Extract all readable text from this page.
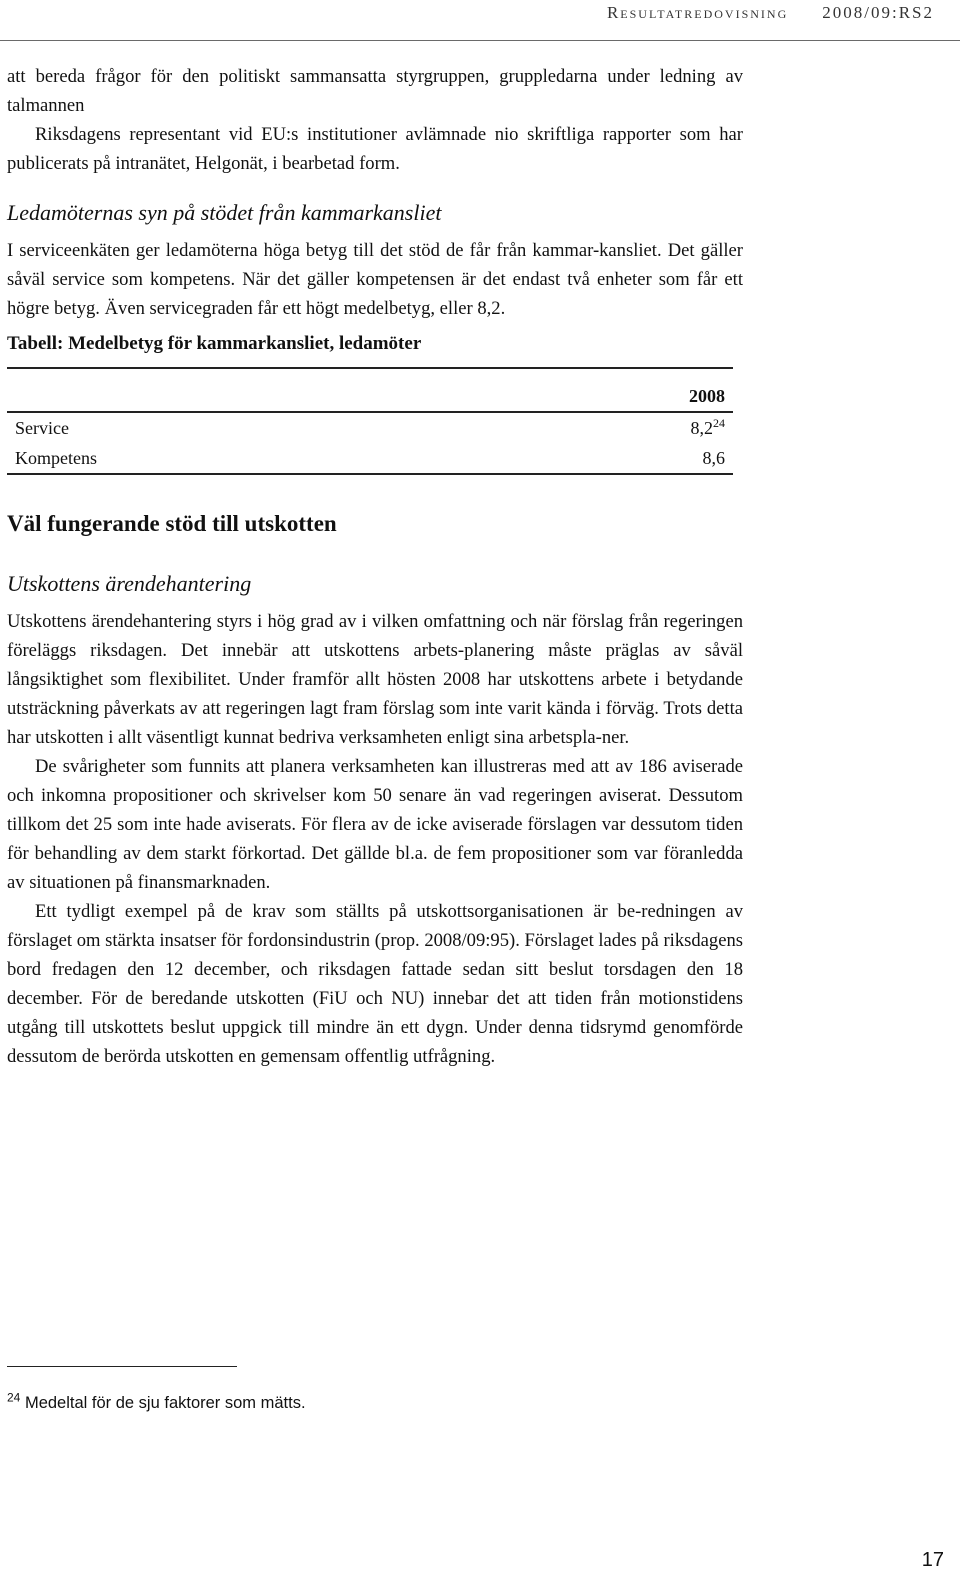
Resultatredovisning 2008/09:RS2

att bereda frågor för den politiskt sammansatta styrgruppen, gruppledarna under ledning av talmannen

Riksdagens representant vid EU:s institutioner avlämnade nio skriftliga rapporter som har publicerats på intranätet, Helgonät, i bearbetad form.

Ledamöternas syn på stödet från kammarkansliet

I serviceenkäten ger ledamöterna höga betyg till det stöd de får från kammar-kansliet. Det gäller såväl service som kompetens. När det gäller kompetensen är det endast två enheter som får ett högre betyg. Även servicegraden får ett högt medelbetyg, eller 8,2.

Tabell: Medelbetyg för kammarkansliet, ledamöter

	2008
Service	$8,2^{24}$
Kompetens	8,6
Väl fungerande stöd till utskotten
Utskottens ärendehantering

Utskottens ärendehantering styrs i hög grad av i vilken omfattning och när förslag från regeringen föreläggs riksdagen. Det innebär att utskottens arbets-planering måste präglas av såväl långsiktighet som flexibilitet. Under framför allt hösten 2008 har utskottens arbete i betydande utsträckning påverkats av att regeringen lagt fram förslag som inte varit kända i förväg. Trots detta har utskotten i allt väsentligt kunnat bedriva verksamheten enligt sina arbetspla-ner.

De svårigheter som funnits att planera verksamheten kan illustreras med att av 186 aviserade och inkomna propositioner och skrivelser kom 50 senare än vad regeringen aviserat. Dessutom tillkom det 25 som inte hade aviserats. För flera av de icke aviserade förslagen var dessutom tiden för behandling av dem starkt förkortad. Det gällde bl.a. de fem propositioner som var föranledda av situationen på finansmarknaden.

Ett tydligt exempel på de krav som ställts på utskottsorganisationen är be-redningen av förslaget om stärkta insatser för fordonsindustrin (prop. 2008/09:95). Förslaget lades på riksdagens bord fredagen den 12 december, och riksdagen fattade sedan sitt beslut torsdagen den 18 december. För de beredande utskotten (FiU och NU) innebar det att tiden från motionstidens utgång till utskottets beslut uppgick till mindre än ett dygn. Under denna tidsrymd genomförde dessutom de berörda utskotten en gemensam offentlig utfrågning.

$^{24}$ Medeltal för de sju faktorer som mätts.
17
